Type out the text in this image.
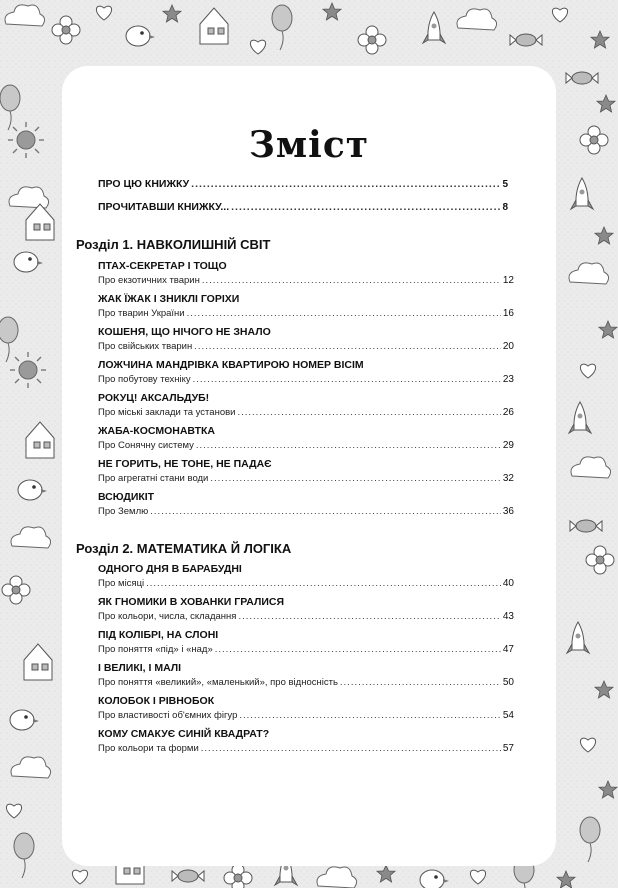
Зміст
ПРО ЦЮ КНИЖКУ .....	5
ПРОЧИТАВШИ КНИЖКУ... .....	8
Розділ 1. НАВКОЛИШНІЙ СВІТ
ПТАХ-СЕКРЕТАР І ТОЩО
Про екзотичних тварин .....	12
ЖАК ЇЖАК І ЗНИКЛІ ГОРІХИ
Про тварин України .....	16
КОШЕНЯ, ЩО НІЧОГО НЕ ЗНАЛО
Про свійських тварин .....	20
ЛОЖЧИНА МАНДРІВКА КВАРТИРОЮ НОМЕР ВІСІМ
Про побутову техніку .....	23
РОКУЦ! АКСАЛЬДУБ!
Про міські заклади та установи .....	26
ЖАБА-КОСМОНАВТКА
Про Сонячну систему .....	29
НЕ ГОРИТЬ, НЕ ТОНЕ, НЕ ПАДАЄ
Про агрегатні стани води .....	32
ВСЮДИКІТ
Про Землю .....	36
Розділ 2. МАТЕМАТИКА Й ЛОГІКА
ОДНОГО ДНЯ В БАРАБУДНІ
Про місяці .....	40
ЯК ГНОМИКИ В ХОВАНКИ ГРАЛИСЯ
Про кольори, числа, складання .....	43
ПІД КОЛІБРІ, НА СЛОНІ
Про поняття «під» і «над» .....	47
І ВЕЛИКІ, І МАЛІ
Про поняття «великий», «маленький», про відносність .....	50
КОЛОБОК І РІВНОБОК
Про властивості об'ємних фігур .....	54
КОМУ СМАКУЄ СИНІЙ КВАДРАТ?
Про кольори та форми .....	57
